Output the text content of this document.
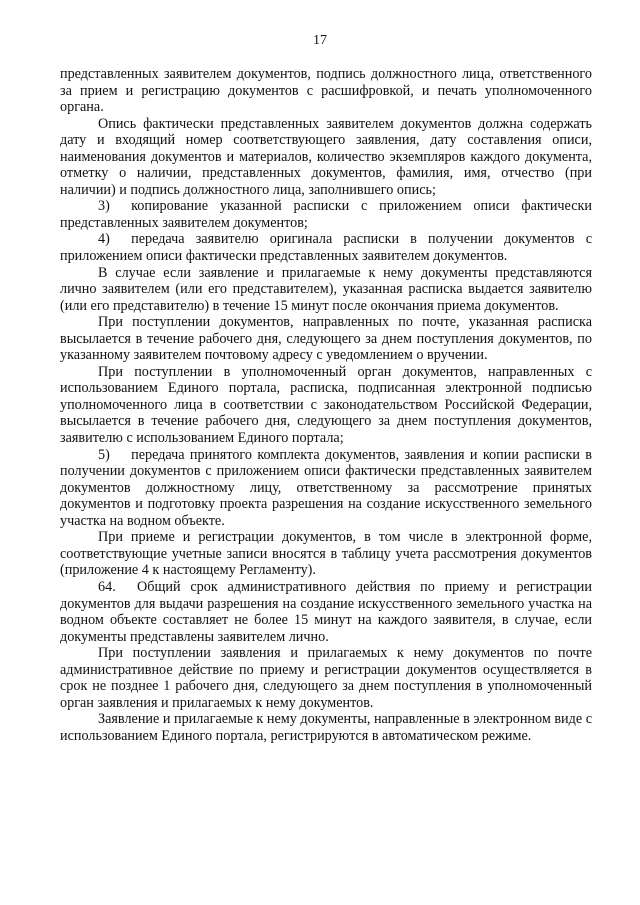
17

представленных заявителем документов, подпись должностного лица, ответственного за прием и регистрацию документов с расшифровкой, и печать уполномоченного органа.

Опись фактически представленных заявителем документов должна содержать дату и входящий номер соответствующего заявления, дату составления описи, наименования документов и материалов, количество экземпляров каждого документа, отметку о наличии, представленных документов, фамилия, имя, отчество (при наличии) и подпись должностного лица, заполнившего опись;

3)  копирование указанной расписки с приложением описи фактически представленных заявителем документов;

4)  передача заявителю оригинала расписки в получении документов с приложением описи фактически представленных заявителем документов.

В случае если заявление и прилагаемые к нему документы представляются лично заявителем (или его представителем), указанная расписка выдается заявителю (или его представителю) в течение 15 минут после окончания приема документов.

При поступлении документов, направленных по почте, указанная расписка высылается в течение рабочего дня, следующего за днем поступления документов, по указанному заявителем почтовому адресу с уведомлением о вручении.

При поступлении в уполномоченный орган документов, направленных с использованием Единого портала, расписка, подписанная электронной подписью уполномоченного лица в соответствии с законодательством Российской Федерации, высылается в течение рабочего дня, следующего за днем поступления документов, заявителю с использованием Единого портала;

5)  передача принятого комплекта документов, заявления и копии расписки в получении документов с приложением описи фактически представленных заявителем документов должностному лицу, ответственному за рассмотрение принятых документов и подготовку проекта разрешения на создание искусственного земельного участка на водном объекте.

При приеме и регистрации документов, в том числе в электронной форме, соответствующие учетные записи вносятся в таблицу учета рассмотрения документов (приложение 4 к настоящему Регламенту).

64.  Общий срок административного действия по приему и регистрации документов для выдачи разрешения на создание искусственного земельного участка на водном объекте составляет не более 15 минут на каждого заявителя, в случае, если документы представлены заявителем лично.

При поступлении заявления и прилагаемых к нему документов по почте административное действие по приему и регистрации документов осуществляется в срок не позднее 1 рабочего дня, следующего за днем поступления в уполномоченный орган заявления и прилагаемых к нему документов.

Заявление и прилагаемые к нему документы, направленные в электронном виде с использованием Единого портала, регистрируются в автоматическом режиме.
